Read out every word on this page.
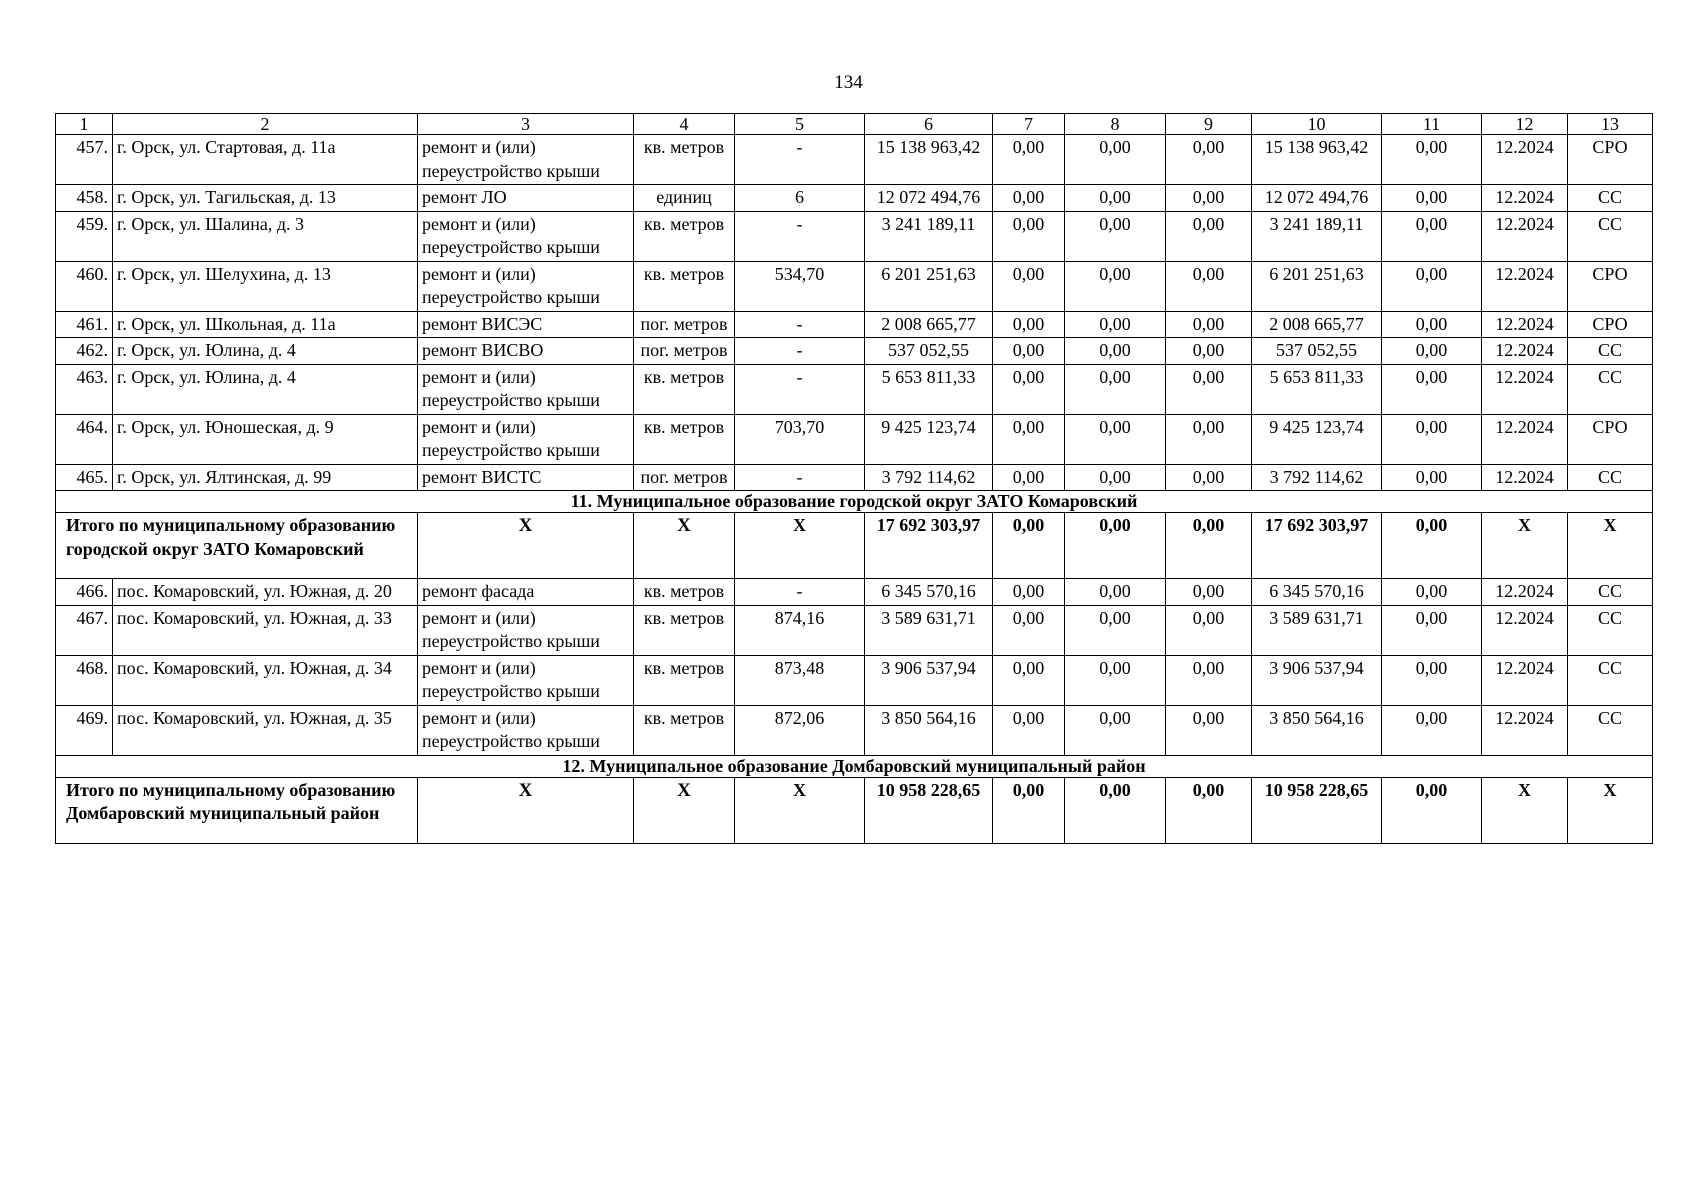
134
1	2	3	4	5	6	7	8	9	10	11	12	13
457.	г. Орск, ул. Стартовая, д. 11а	ремонт и (или) переустройство крыши	кв. метров	-	15 138 963,42	0,00	0,00	0,00	15 138 963,42	0,00	12.2024	СРО
458.	г. Орск, ул. Тагильская, д. 13	ремонт ЛО	единиц	6	12 072 494,76	0,00	0,00	0,00	12 072 494,76	0,00	12.2024	СС
459.	г. Орск, ул. Шалина, д. 3	ремонт и (или) переустройство крыши	кв. метров	-	3 241 189,11	0,00	0,00	0,00	3 241 189,11	0,00	12.2024	СС
460.	г. Орск, ул. Шелухина, д. 13	ремонт и (или) переустройство крыши	кв. метров	534,70	6 201 251,63	0,00	0,00	0,00	6 201 251,63	0,00	12.2024	СРО
461.	г. Орск, ул. Школьная, д. 11а	ремонт ВИСЭС	пог. метров	-	2 008 665,77	0,00	0,00	0,00	2 008 665,77	0,00	12.2024	СРО
462.	г. Орск, ул. Юлина, д. 4	ремонт ВИСВО	пог. метров	-	537 052,55	0,00	0,00	0,00	537 052,55	0,00	12.2024	СС
463.	г. Орск, ул. Юлина, д. 4	ремонт и (или) переустройство крыши	кв. метров	-	5 653 811,33	0,00	0,00	0,00	5 653 811,33	0,00	12.2024	СС
464.	г. Орск, ул. Юношеская, д. 9	ремонт и (или) переустройство крыши	кв. метров	703,70	9 425 123,74	0,00	0,00	0,00	9 425 123,74	0,00	12.2024	СРО
465.	г. Орск, ул. Ялтинская, д. 99	ремонт ВИСТС	пог. метров	-	3 792 114,62	0,00	0,00	0,00	3 792 114,62	0,00	12.2024	СС
11. Муниципальное образование городской округ ЗАТО Комаровский												
Итого по муниципальному образованию городской округ ЗАТО Комаровский		X	X	X	17 692 303,97	0,00	0,00	0,00	17 692 303,97	0,00	X	X
466.	пос. Комаровский, ул. Южная, д. 20	ремонт фасада	кв. метров	-	6 345 570,16	0,00	0,00	0,00	6 345 570,16	0,00	12.2024	СС
467.	пос. Комаровский, ул. Южная, д. 33	ремонт и (или) переустройство крыши	кв. метров	874,16	3 589 631,71	0,00	0,00	0,00	3 589 631,71	0,00	12.2024	СС
468.	пос. Комаровский, ул. Южная, д. 34	ремонт и (или) переустройство крыши	кв. метров	873,48	3 906 537,94	0,00	0,00	0,00	3 906 537,94	0,00	12.2024	СС
469.	пос. Комаровский, ул. Южная, д. 35	ремонт и (или) переустройство крыши	кв. метров	872,06	3 850 564,16	0,00	0,00	0,00	3 850 564,16	0,00	12.2024	СС
12. Муниципальное образование Домбаровский муниципальный район												
Итого по муниципальному образованию Домбаровский муниципальный район		X	X	X	10 958 228,65	0,00	0,00	0,00	10 958 228,65	0,00	X	X
